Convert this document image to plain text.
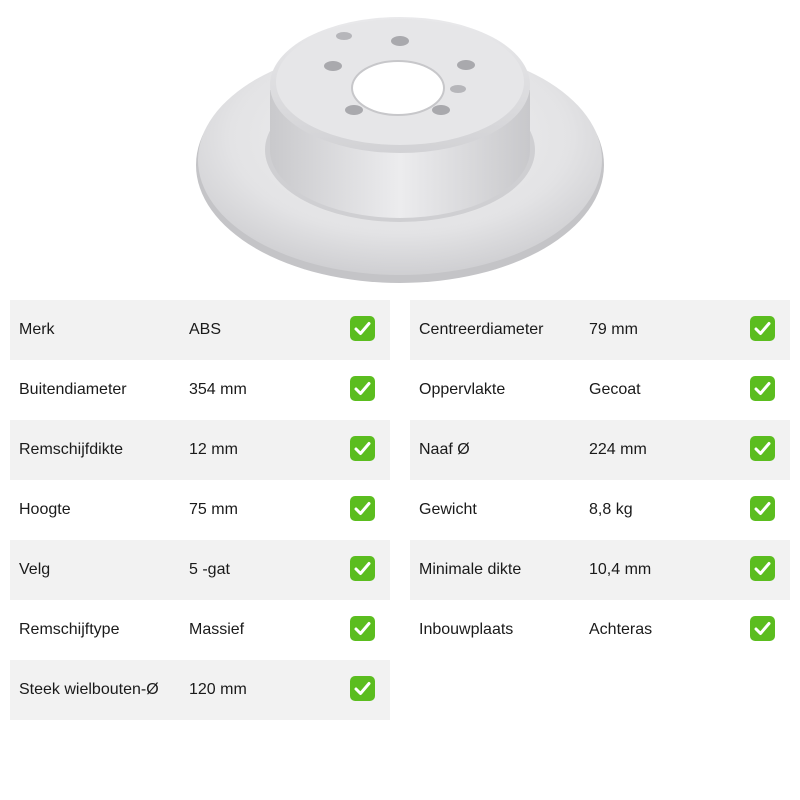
Merk	ABS
Buitendiameter	354 mm
Remschijfdikte	12 mm
Hoogte	75 mm
Velg	5 -gat
Remschijftype	Massief
Steek wielbouten-Ø 120 mm
Centreerdiameter	79 mm
Oppervlakte	Gecoat
Naaf Ø	224 mm
Gewicht	8,8 kg
Minimale dikte	10,4 mm
Inbouwplaats	Achteras
